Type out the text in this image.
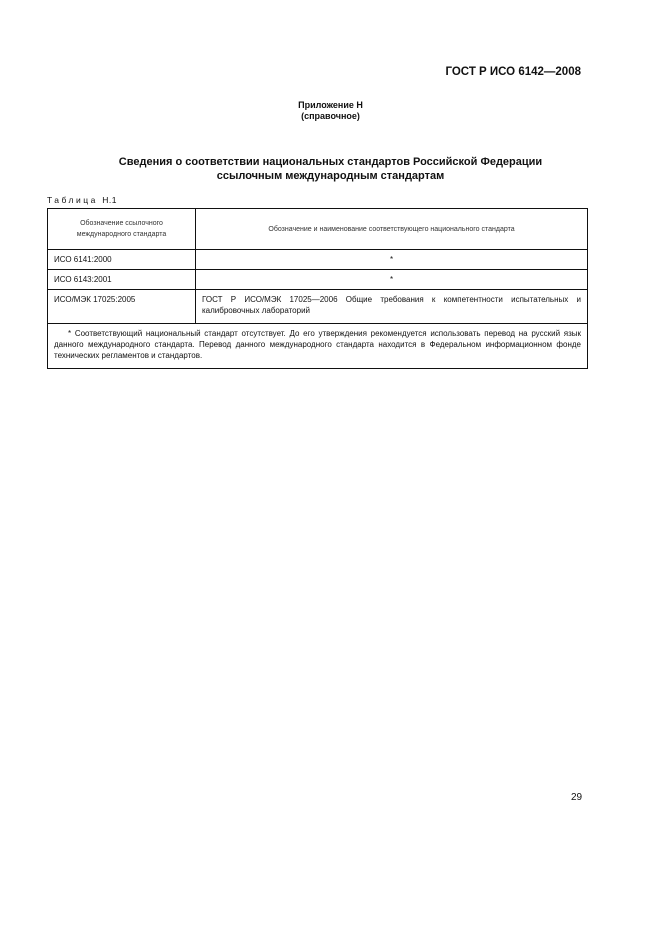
ГОСТ Р ИСО 6142—2008
Приложение Н
(справочное)
Сведения о соответствии национальных стандартов Российской Федерации
ссылочным международным стандартам
Таблица Н.1
Обозначение ссылочного международного стандарта	Обозначение и наименование соответствующего национального стандарта
ИСО 6141:2000	*
ИСО 6143:2001	*
ИСО/МЭК 17025:2005	ГОСТ Р ИСО/МЭК 17025—2006 Общие требования к компетентности испытательных и калибровочных лабораторий
* Соответствующий национальный стандарт отсутствует. До его утверждения рекомендуется использовать перевод на русский язык данного международного стандарта. Перевод данного международного стандарта находится в Федеральном информационном фонде технических регламентов и стандартов.	
29
